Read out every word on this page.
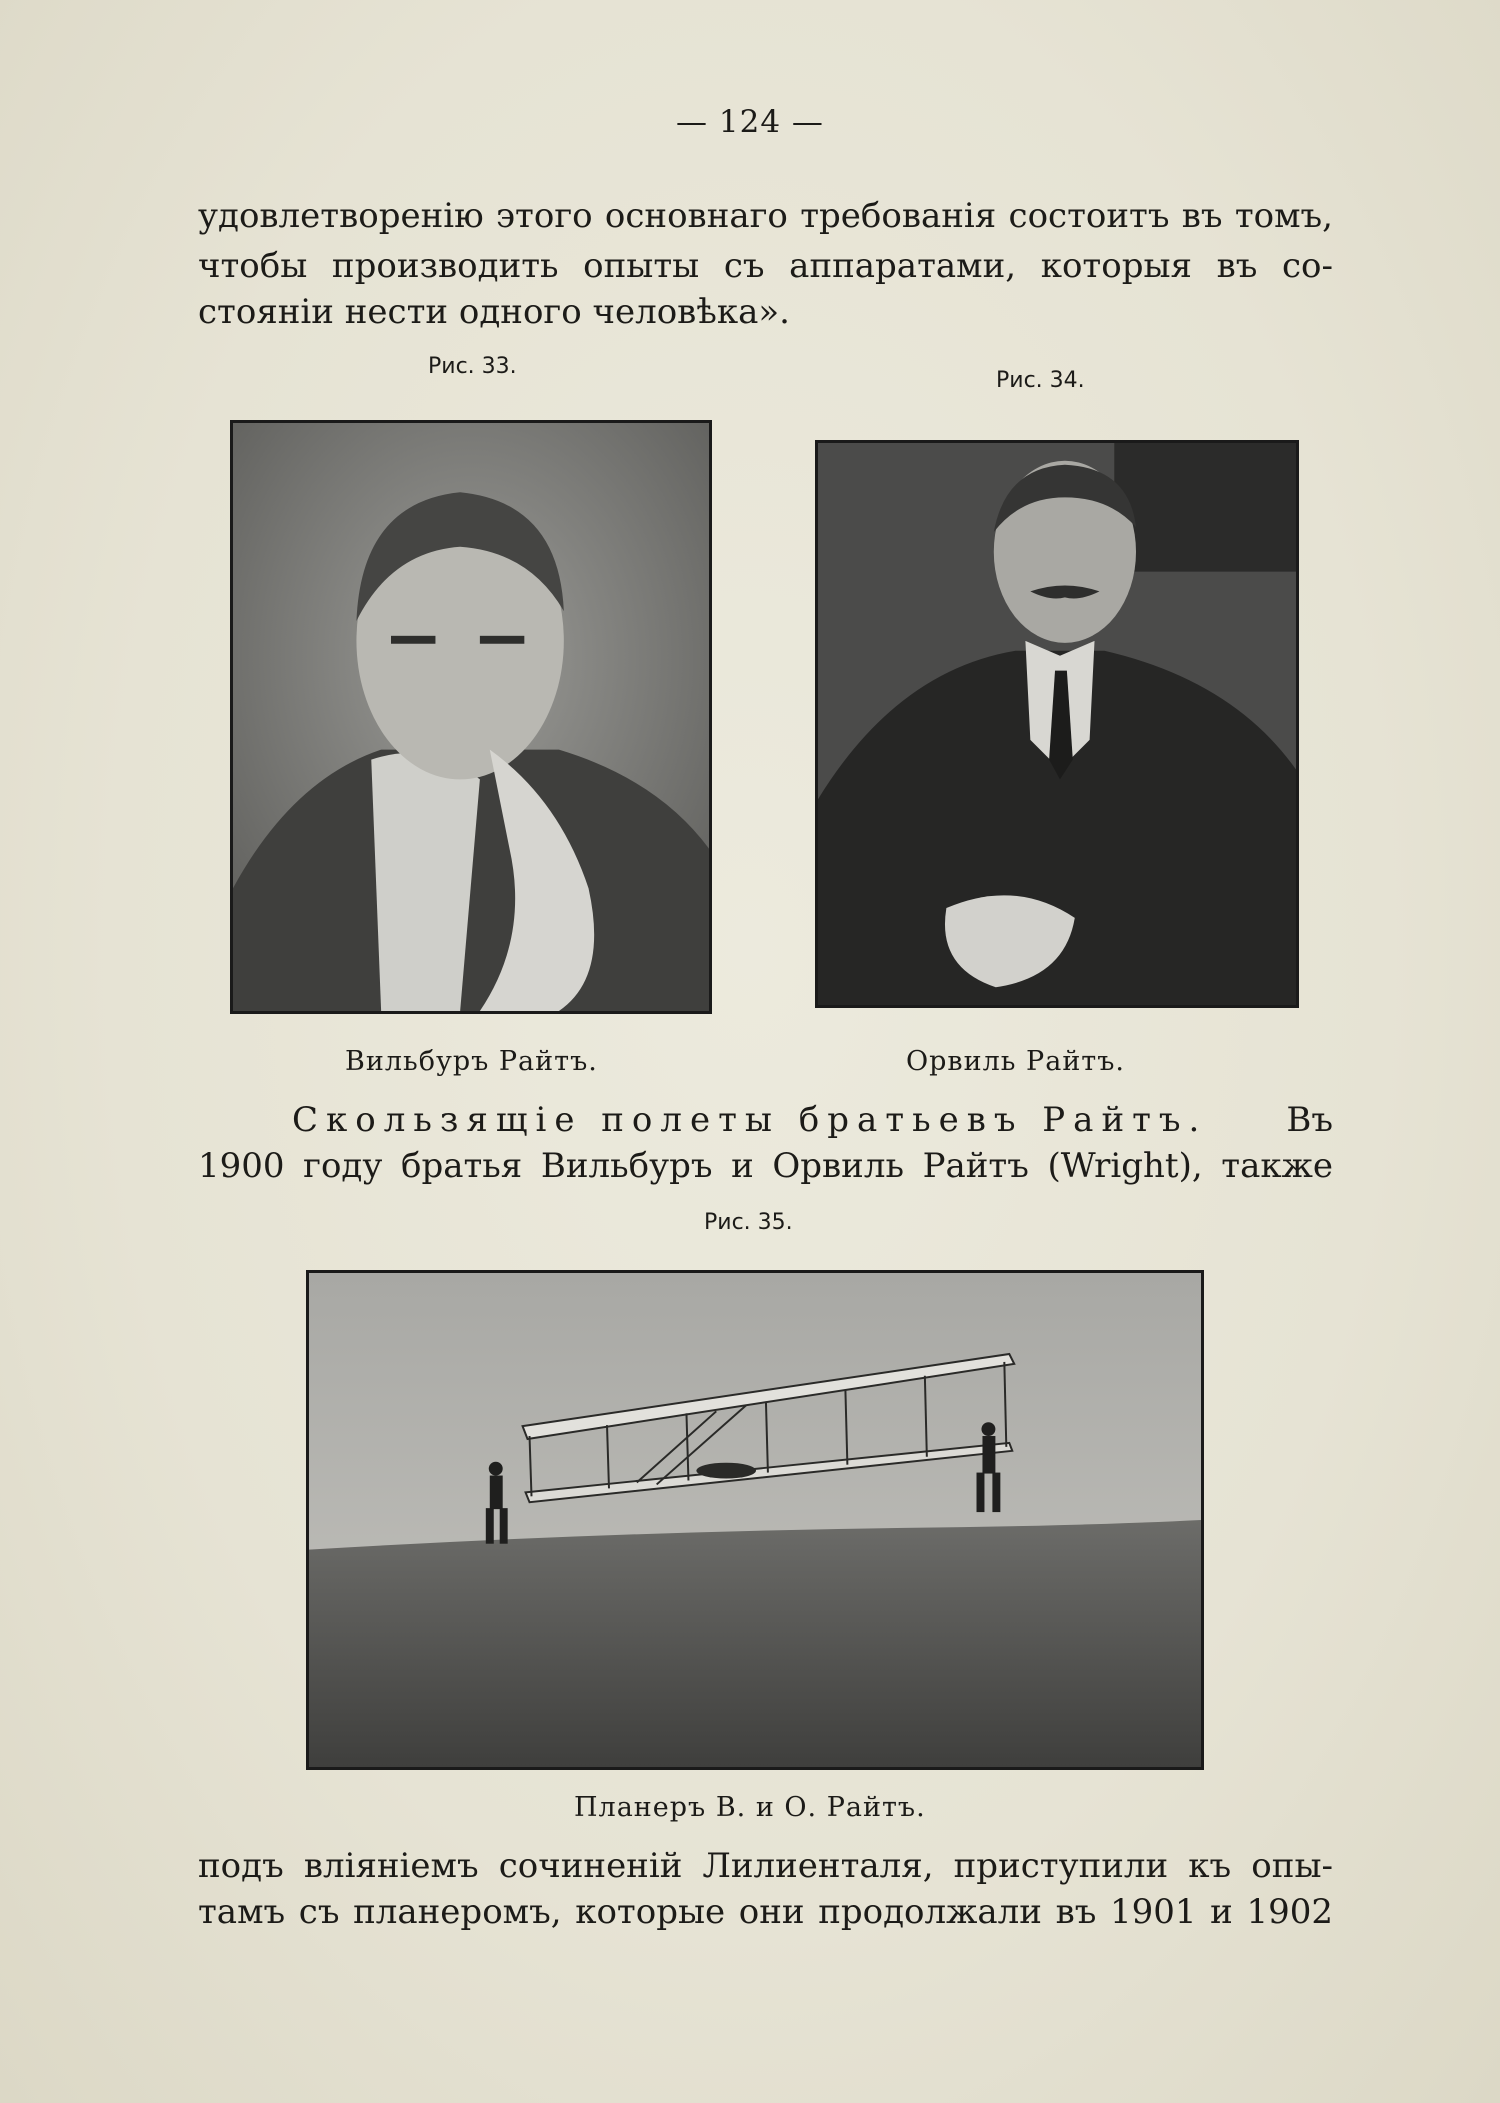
— 124 —
удовлетворенію этого основнаго требованія состоитъ въ томъ,
чтобы производить опыты съ аппаратами, которыя въ со-
стояніи нести одного человѣка».
Рис. 33.
Рис. 34.
Вильбуръ Райтъ.	Орвиль Райтъ.
Скользящіе полеты братьевъ Райтъ. Въ
1900 году братья Вильбуръ и Орвиль Райтъ (Wright), также
Рис. 35.
Планеръ В. и О. Райтъ.
подъ вліяніемъ сочиненій Лилиенталя, приступили къ опы-
тамъ съ планеромъ, которые они продолжали въ 1901 и 1902
